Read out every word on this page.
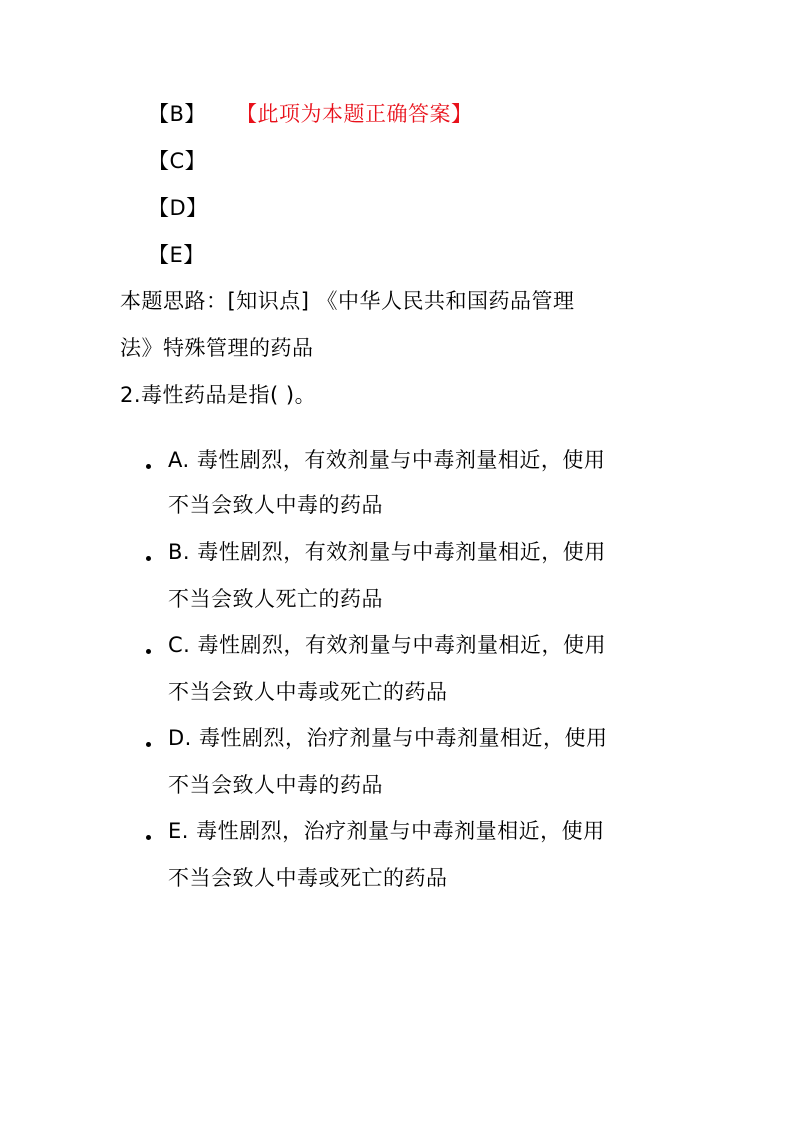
【B】 【此项为本题正确答案】
【C】
【D】
【E】
本题思路：[知识点] 《中华人民共和国药品管理
法》特殊管理的药品
2.毒性药品是指( )。
A. 毒性剧烈，有效剂量与中毒剂量相近，使用
不当会致人中毒的药品
B. 毒性剧烈，有效剂量与中毒剂量相近，使用
不当会致人死亡的药品
C. 毒性剧烈，有效剂量与中毒剂量相近，使用
不当会致人中毒或死亡的药品
D. 毒性剧烈，治疗剂量与中毒剂量相近，使用
不当会致人中毒的药品
E. 毒性剧烈，治疗剂量与中毒剂量相近，使用
不当会致人中毒或死亡的药品
